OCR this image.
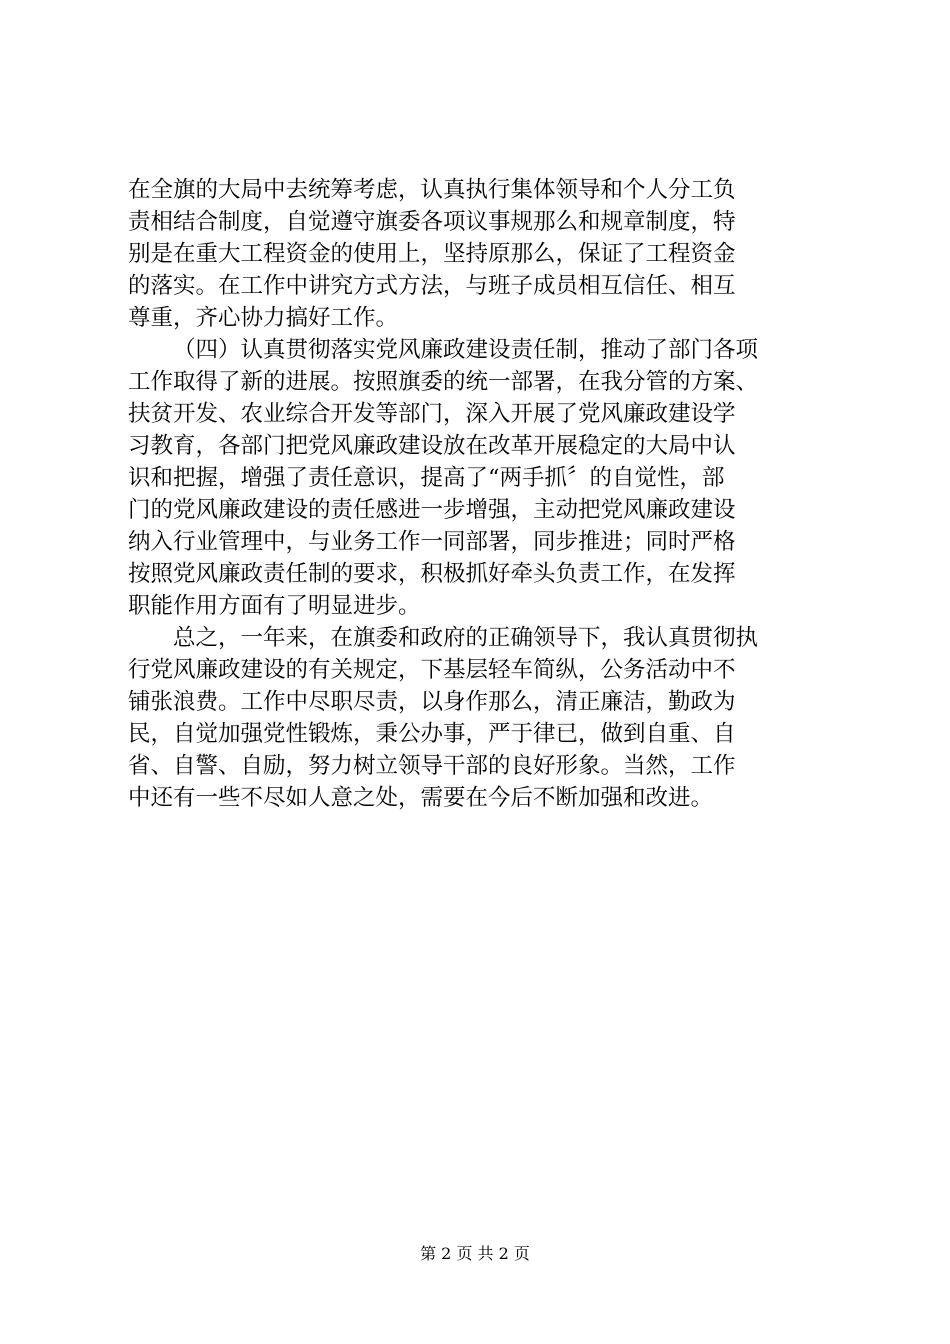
在全旗的大局中去统筹考虑，认真执行集体领导和个人分工负
责相结合制度，自觉遵守旗委各项议事规那么和规章制度，特
别是在重大工程资金的使用上，坚持原那么，保证了工程资金
的落实。在工作中讲究方式方法，与班子成员相互信任、相互
尊重，齐心协力搞好工作。
（四）认真贯彻落实党风廉政建设责任制，推动了部门各项
工作取得了新的进展。按照旗委的统一部署，在我分管的方案、
扶贫开发、农业综合开发等部门，深入开展了党风廉政建设学
习教育，各部门把党风廉政建设放在改革开展稳定的大局中认
识和把握，增强了责任意识，提高了“两手抓〞的自觉性，部
门的党风廉政建设的责任感进一步增强，主动把党风廉政建设
纳入行业管理中，与业务工作一同部署，同步推进；同时严格
按照党风廉政责任制的要求，积极抓好牵头负责工作，在发挥
职能作用方面有了明显进步。
总之，一年来，在旗委和政府的正确领导下，我认真贯彻执
行党风廉政建设的有关规定，下基层轻车简纵，公务活动中不
铺张浪费。工作中尽职尽责，以身作那么，清正廉洁，勤政为
民，自觉加强党性锻炼，秉公办事，严于律已，做到自重、自
省、自警、自励，努力树立领导干部的良好形象。当然，工作
中还有一些不尽如人意之处，需要在今后不断加强和改进。
第 2 页 共 2 页
